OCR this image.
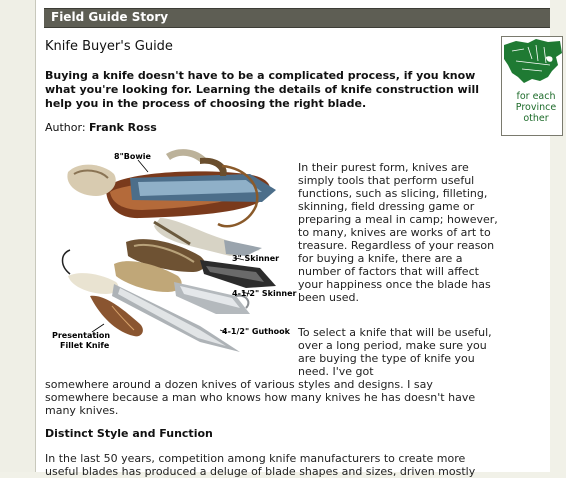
Field Guide Story
Knife Buyer's Guide
Buying a knife doesn't have to be a complicated process, if you know what you're looking for. Learning the details of knife construction will help you in the process of choosing the right blade.
Author: Frank Ross
for each Province other
8"Bowie
3" Skinner
4-1/2" Skinner
4-1/2" Guthook
Presentation
Fillet Knife
In their purest form, knives are simply tools that perform useful functions, such as slicing, filleting, skinning, field dressing game or preparing a meal in camp; however, to many, knives are works of art to treasure. Regardless of your reason for buying a knife, there are a number of factors that will affect your happiness once the blade has been used.
To select a knife that will be useful, over a long period, make sure you are buying the type of knife you need. I've got
somewhere around a dozen knives of various styles and designs. I say somewhere because a man who knows how many knives he has doesn't have many knives.
Distinct Style and Function
In the last 50 years, competition among knife manufacturers to create more useful blades has produced a deluge of blade shapes and sizes, driven mostly
